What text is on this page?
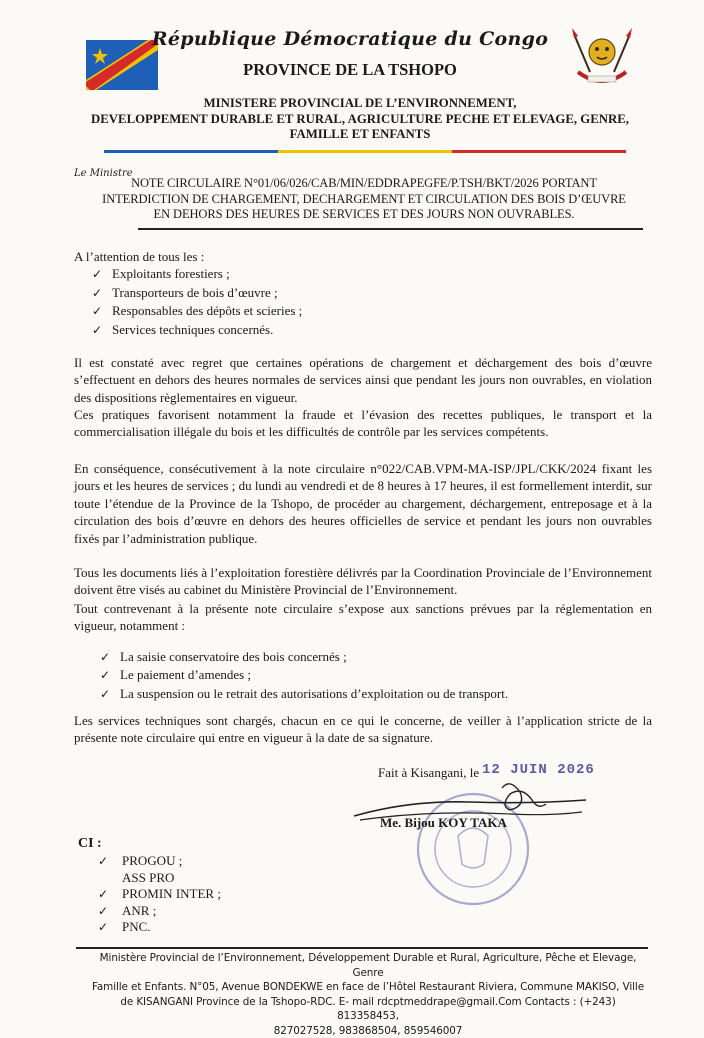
République Démocratique du Congo
PROVINCE DE LA TSHOPO
MINISTERE PROVINCIAL DE L’ENVIRONNEMENT,
DEVELOPPEMENT DURABLE ET RURAL, AGRICULTURE PECHE ET ELEVAGE, GENRE,
FAMILLE ET ENFANTS
Le Ministre
NOTE CIRCULAIRE N°01/06/026/CAB/MIN/EDDRAPEGFE/P.TSH/BKT/2026 PORTANT
INTERDICTION DE CHARGEMENT, DECHARGEMENT ET CIRCULATION DES BOIS D’ŒUVRE
EN DEHORS DES HEURES DE SERVICES ET DES JOURS NON OUVRABLES.
A l’attention de tous les :
✓ Exploitants forestiers ;
✓ Transporteurs de bois d’œuvre ;
✓ Responsables des dépôts et scieries ;
✓ Services techniques concernés.
Il est constaté avec regret que certaines opérations de chargement et déchargement des bois d’œuvre s’effectuent en dehors des heures normales de services ainsi que pendant les jours non ouvrables, en violation des dispositions règlementaires en vigueur.
Ces pratiques favorisent notamment la fraude et l’évasion des recettes publiques, le transport et la commercialisation illégale du bois et les difficultés de contrôle par les services compétents.
En conséquence, consécutivement à la note circulaire n°022/CAB.VPM-MA-ISP/JPL/CKK/2024 fixant les jours et les heures de services ; du lundi au vendredi et de 8 heures à 17 heures, il est formellement interdit, sur toute l’étendue de la Province de la Tshopo, de procéder au chargement, déchargement, entreposage et à la circulation des bois d’œuvre en dehors des heures officielles de service et pendant les jours non ouvrables fixés par l’administration publique.
Tous les documents liés à l’exploitation forestière délivrés par la Coordination Provinciale de l’Environnement doivent être visés au cabinet du Ministère Provincial de l’Environnement.
Tout contrevenant à la présente note circulaire s’expose aux sanctions prévues par la réglementation en vigueur, notamment :
✓ La saisie conservatoire des bois concernés ;
✓ Le paiement d’amendes ;
✓ La suspension ou le retrait des autorisations d’exploitation ou de transport.
Les services techniques sont chargés, chacun en ce qui le concerne, de veiller à l’application stricte de la présente note circulaire qui entre en vigueur à la date de sa signature.
Fait à Kisangani, le 12 JUIN 2026
Me. Bijou KOY TAKA
CI :
✓	PROGOU ;
ASS PRO
✓	PROMIN INTER ;
✓	ANR ;
✓	PNC.
Ministère Provincial de l’Environnement, Développement Durable et Rural, Agriculture, Pêche et Elevage, Genre
Famille et Enfants. N°05, Avenue BONDEKWE en face de l’Hôtel Restaurant Riviera, Commune MAKISO, Ville
de KISANGANI Province de la Tshopo-RDC. E- mail rdcptmeddrape@gmail.Com Contacts : (+243) 813358453,
827027528, 983868504, 859546007
